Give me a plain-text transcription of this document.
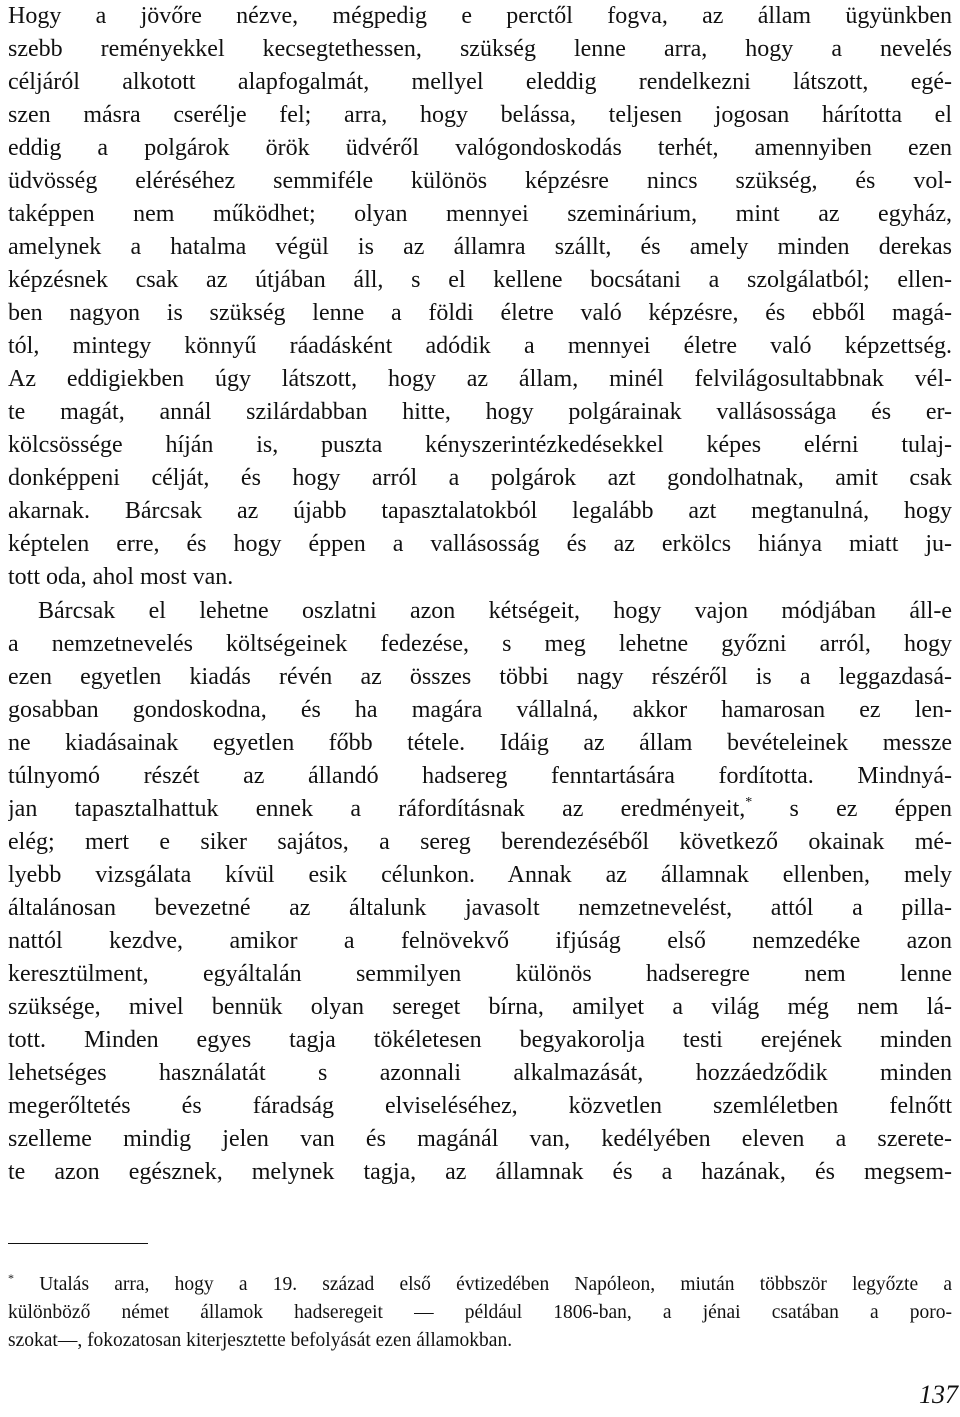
Hogy a jövőre nézve, mégpedig e perctől fogva, az állam ügyünkben
szebb reményekkel kecsegtethessen, szükség lenne arra, hogy a nevelés
céljáról alkotott alapfogalmát, mellyel eleddig rendelkezni látszott, egé-
szen másra cserélje fel; arra, hogy belássa, teljesen jogosan hárította el
eddig a polgárok örök üdvéről valógondoskodás terhét, amennyiben ezen
üdvösség eléréséhez semmiféle különös képzésre nincs szükség, és vol-
taképpen nem működhet; olyan mennyei szeminárium, mint az egyház,
amelynek a hatalma végül is az államra szállt, és amely minden derekas
képzésnek csak az útjában áll, s el kellene bocsátani a szolgálatból; ellen-
ben nagyon is szükség lenne a földi életre való képzésre, és ebből magá-
tól, mintegy könnyű ráadásként adódik a mennyei életre való képzettség.
Az eddigiekben úgy látszott, hogy az állam, minél felvilágosultabbnak vél-
te magát, annál szilárdabban hitte, hogy polgárainak vallásossága és er-
kölcsössége híján is, puszta kényszerintézkedésekkel képes elérni tulaj-
donképpeni célját, és hogy arról a polgárok azt gondolhatnak, amit csak
akarnak. Bárcsak az újabb tapasztalatokból legalább azt megtanulná, hogy
képtelen erre, és hogy éppen a vallásosság és az erkölcs hiánya miatt ju-
tott oda, ahol most van.
Bárcsak el lehetne oszlatni azon kétségeit, hogy vajon módjában áll-e
a nemzetnevelés költségeinek fedezése, s meg lehetne győzni arról, hogy
ezen egyetlen kiadás révén az összes többi nagy részéről is a leggazdasá-
gosabban gondoskodna, és ha magára vállalná, akkor hamarosan ez len-
ne kiadásainak egyetlen főbb tétele. Idáig az állam bevételeinek messze
túlnyomó részét az állandó hadsereg fenntartására fordította. Mindnyá-
jan tapasztalhattuk ennek a ráfordításnak az eredményeit,* s ez éppen
elég; mert e siker sajátos, a sereg berendezéséből következő okainak mé-
lyebb vizsgálata kívül esik célunkon. Annak az államnak ellenben, mely
általánosan bevezetné az általunk javasolt nemzetnevelést, attól a pilla-
nattól kezdve, amikor a felnövekvő ifjúság első nemzedéke azon
keresztülment, egyáltalán semmilyen különös hadseregre nem lenne
szüksége, mivel bennük olyan sereget bírna, amilyet a világ még nem lá-
tott. Minden egyes tagja tökéletesen begyakorolja testi erejének minden
lehetséges használatát s azonnali alkalmazását, hozzáedződik minden
megerőltetés és fáradság elviseléséhez, közvetlen szemléletben felnőtt
szelleme mindig jelen van és magánál van, kedélyében eleven a szerete-
te azon egésznek, melynek tagja, az államnak és a hazának, és megsem-
* Utalás arra, hogy a 19. század első évtizedében Napóleon, miután többször legyőzte a
különböző német államok hadseregeit — például 1806-ban, a jénai csatában a poro-
szokat—, fokozatosan kiterjesztette befolyását ezen államokban.
137
